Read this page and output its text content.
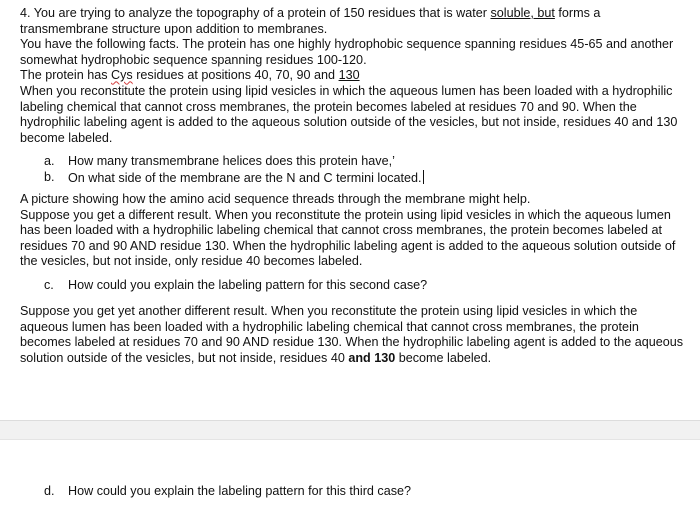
4. You are trying to analyze the topography of a protein of 150 residues that is water soluble, but forms a

transmembrane structure upon addition to membranes.

You have the following facts. The protein has one highly hydrophobic sequence spanning residues 45-65 and another

somewhat hydrophobic sequence spanning residues 100-120.

The protein has Cys residues at positions 40, 70, 90 and 130

When you reconstitute the protein using lipid vesicles in which the aqueous lumen has been loaded with a hydrophilic

labeling chemical that cannot cross membranes, the protein becomes labeled at residues 70 and 90. When the

hydrophilic labeling agent is added to the aqueous solution outside of the vesicles, but not inside, residues 40 and 130

become labeled.

a.	How many transmembrane helices does this protein have,’
b.	On what side of the membrane are the N and C termini located.

A picture showing how the amino acid sequence threads through the membrane might help.

Suppose you get a different result. When you reconstitute the protein using lipid vesicles in which the aqueous lumen

has been loaded with a hydrophilic labeling chemical that cannot cross membranes, the protein becomes labeled at

residues 70 and 90 AND residue 130. When the hydrophilic labeling agent is added to the aqueous solution outside of

the vesicles, but not inside, only residue 40 becomes labeled.

c.	How could you explain the labeling pattern for this second case?

Suppose you get yet another different result. When you reconstitute the protein using lipid vesicles in which the

aqueous lumen has been loaded with a hydrophilic labeling chemical that cannot cross membranes, the protein

becomes labeled at residues 70 and 90 AND residue 130. When the hydrophilic labeling agent is added to the aqueous

solution outside of the vesicles, but not inside, residues 40 and 130 become labeled.

d.	How could you explain the labeling pattern for this third case?
